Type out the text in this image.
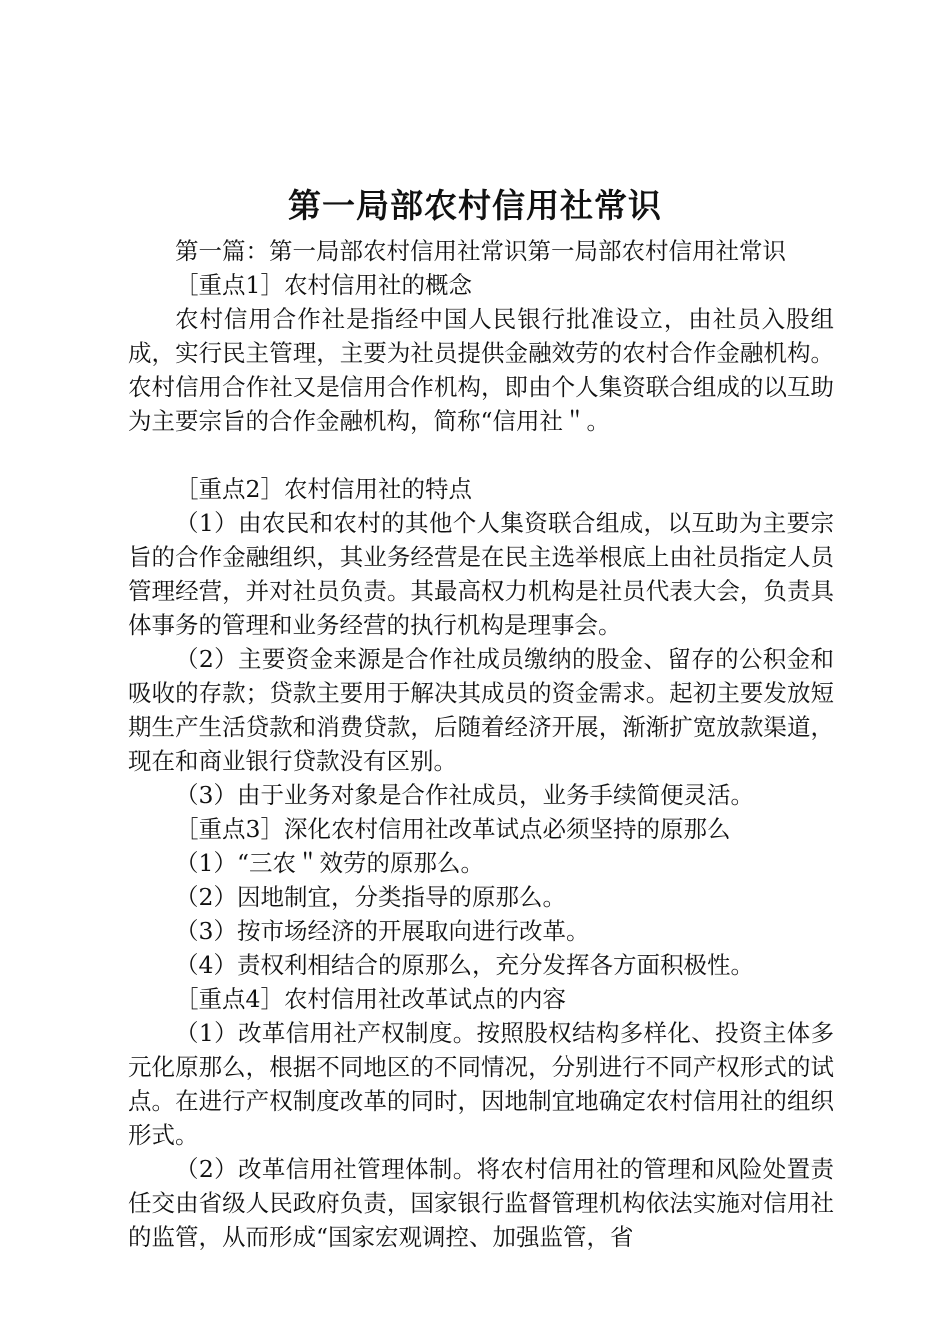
第一局部农村信用社常识

第一篇：第一局部农村信用社常识第一局部农村信用社常识

［重点1］农村信用社的概念

农村信用合作社是指经中国人民银行批准设立，由社员入股组成，实行民主管理，主要为社员提供金融效劳的农村合作金融机构。农村信用合作社又是信用合作机构，即由个人集资联合组成的以互助为主要宗旨的合作金融机构，简称“信用社＂。

［重点2］农村信用社的特点

（1）由农民和农村的其他个人集资联合组成，以互助为主要宗旨的合作金融组织，其业务经营是在民主选举根底上由社员指定人员管理经营，并对社员负责。其最高权力机构是社员代表大会，负责具体事务的管理和业务经营的执行机构是理事会。

（2）主要资金来源是合作社成员缴纳的股金、留存的公积金和吸收的存款；贷款主要用于解决其成员的资金需求。起初主要发放短期生产生活贷款和消费贷款，后随着经济开展，渐渐扩宽放款渠道，现在和商业银行贷款没有区别。

（3）由于业务对象是合作社成员，业务手续简便灵活。

［重点3］深化农村信用社改革试点必须坚持的原那么

（1）“三农＂效劳的原那么。

（2）因地制宜，分类指导的原那么。

（3）按市场经济的开展取向进行改革。

（4）责权利相结合的原那么，充分发挥各方面积极性。

［重点4］农村信用社改革试点的内容

（1）改革信用社产权制度。按照股权结构多样化、投资主体多元化原那么，根据不同地区的不同情况，分别进行不同产权形式的试点。在进行产权制度改革的同时，因地制宜地确定农村信用社的组织形式。

（2）改革信用社管理体制。将农村信用社的管理和风险处置责任交由省级人民政府负责，国家银行监督管理机构依法实施对信用社的监管，从而形成“国家宏观调控、加强监管，省
